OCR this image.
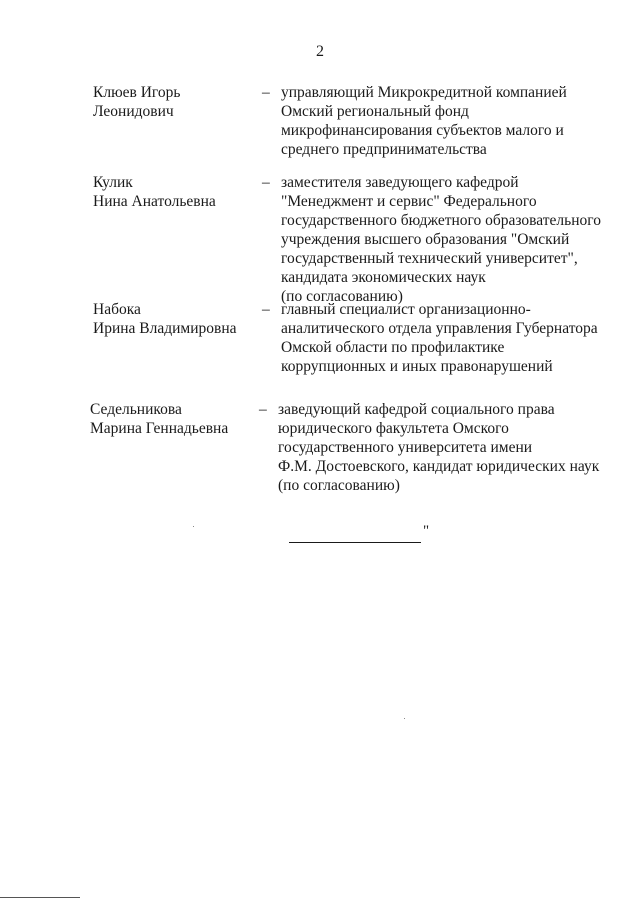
2
Клюев Игорь
Леонидович
– управляющий Микрокредитной компанией
Омский региональный фонд
микрофинансирования субъектов малого и
среднего предпринимательства
Кулик
Нина Анатольевна
– заместителя заведующего кафедрой
"Менеджмент и сервис" Федерального
государственного бюджетного образовательного
учреждения высшего образования "Омский
государственный технический университет",
кандидата экономических наук
(по согласованию)
Набока
Ирина Владимировна
– главный специалист организационно-
аналитического отдела управления Губернатора
Омской области по профилактике
коррупционных и иных правонарушений
Седельникова
Марина Геннадьевна
– заведующий кафедрой социального права
юридического факультета Омского
государственного университета имени
Ф.М. Достоевского, кандидат юридических наук
(по согласованию)
"
